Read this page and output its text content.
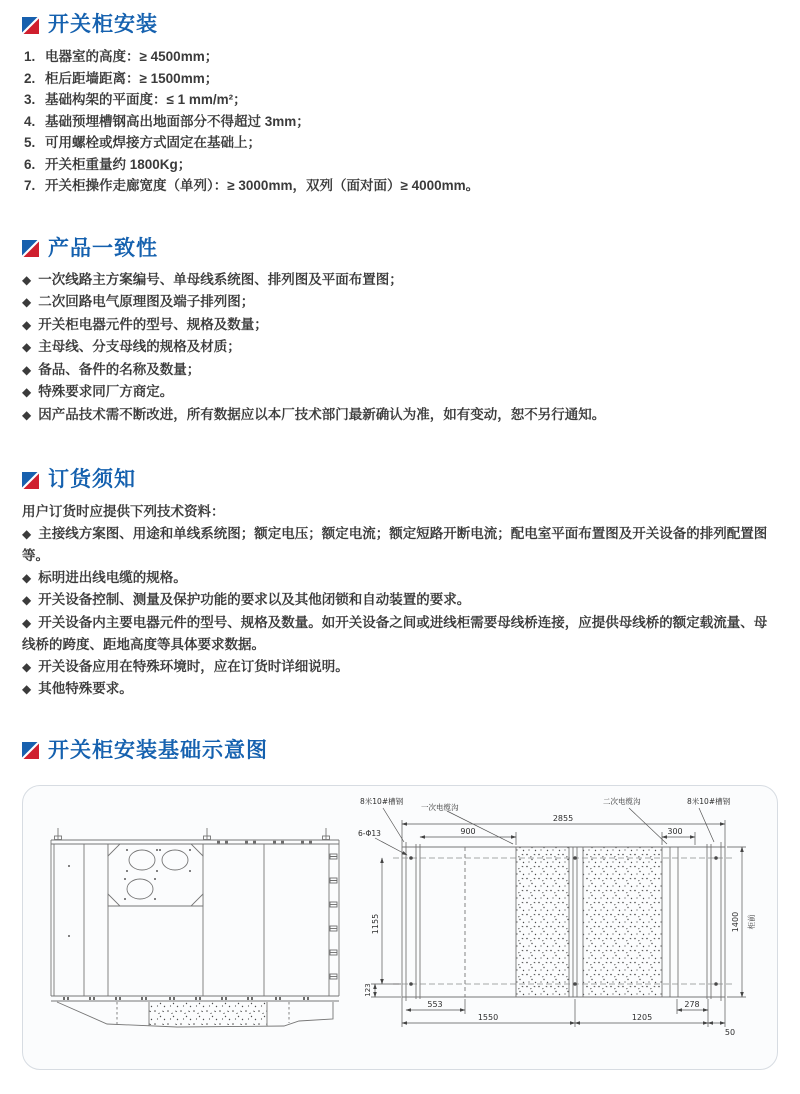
开关柜安装
1. 电器室的高度：≥ 4500mm；
2. 柜后距墙距离：≥ 1500mm；
3. 基础构架的平面度：≤ 1 mm/m²；
4. 基础预埋槽钢高出地面部分不得超过 3mm；
5. 可用螺栓或焊接方式固定在基础上；
6. 开关柜重量约 1800Kg；
7. 开关柜操作走廊宽度（单列）：≥ 3000mm，双列（面对面）≥ 4000mm。
产品一致性
◆ 一次线路主方案编号、单母线系统图、排列图及平面布置图；
◆ 二次回路电气原理图及端子排列图；
◆ 开关柜电器元件的型号、规格及数量；
◆ 主母线、分支母线的规格及材质；
◆ 备品、备件的名称及数量；
◆ 特殊要求同厂方商定。
◆ 因产品技术需不断改进，所有数据应以本厂技术部门最新确认为准，如有变动，恕不另行通知。
订货须知
用户订货时应提供下列技术资料：
◆ 主接线方案图、用途和单线系统图；额定电压；额定电流；额定短路开断电流；配电室平面布置图及开关设备的排列配置图等。
◆ 标明进出线电缆的规格。
◆ 开关设备控制、测量及保护功能的要求以及其他闭锁和自动装置的要求。
◆ 开关设备内主要电器元件的型号、规格及数量。如开关设备之间或进线柜需要母线桥连接，应提供母线桥的额定载流量、母线桥的跨度、距地高度等具体要求数据。
◆ 开关设备应用在特殊环境时，应在订货时详细说明。
◆ 其他特殊要求。
开关柜安装基础示意图
8米10#槽钢
一次电缆沟
二次电缆沟	8米10#槽钢
6-Φ13
2855
900	300
1155
123
1400 柜前
553	278
1550	1205
50
